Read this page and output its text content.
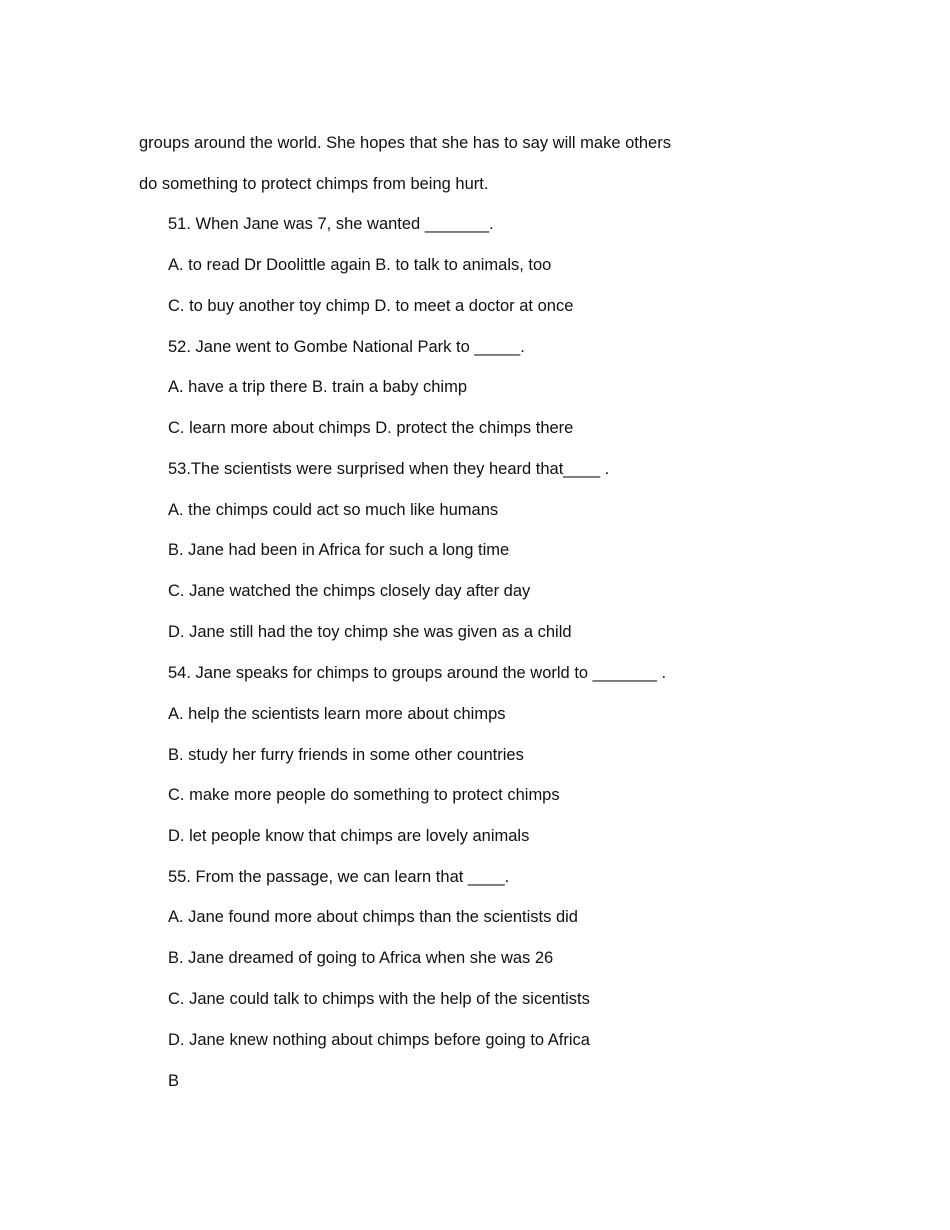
groups around the world. She hopes that she has to say will make others
do something to protect chimps from being hurt.
51. When Jane was 7, she wanted _______.
A. to read Dr Doolittle again B. to talk to animals, too
C. to buy another toy chimp D. to meet a doctor at once
52. Jane went to Gombe National Park to _____.
A. have a trip there B. train a baby chimp
C. learn more about chimps D. protect the chimps there
53.The scientists were surprised when they heard that____ .
A. the chimps could act so much like humans
B. Jane had been in Africa for such a long time
C. Jane watched the chimps closely day after day
D. Jane still had the toy chimp she was given as a child
54. Jane speaks for chimps to groups around the world to _______ .
A. help the scientists learn more about chimps
B. study her furry friends in some other countries
C. make more people do something to protect chimps
D. let people know that chimps are lovely animals
55. From the passage, we can learn that ____.
A. Jane found more about chimps than the scientists did
B. Jane dreamed of going to Africa when she was 26
C. Jane could talk to chimps with the help of the sicentists
D. Jane knew nothing about chimps before going to Africa
B
